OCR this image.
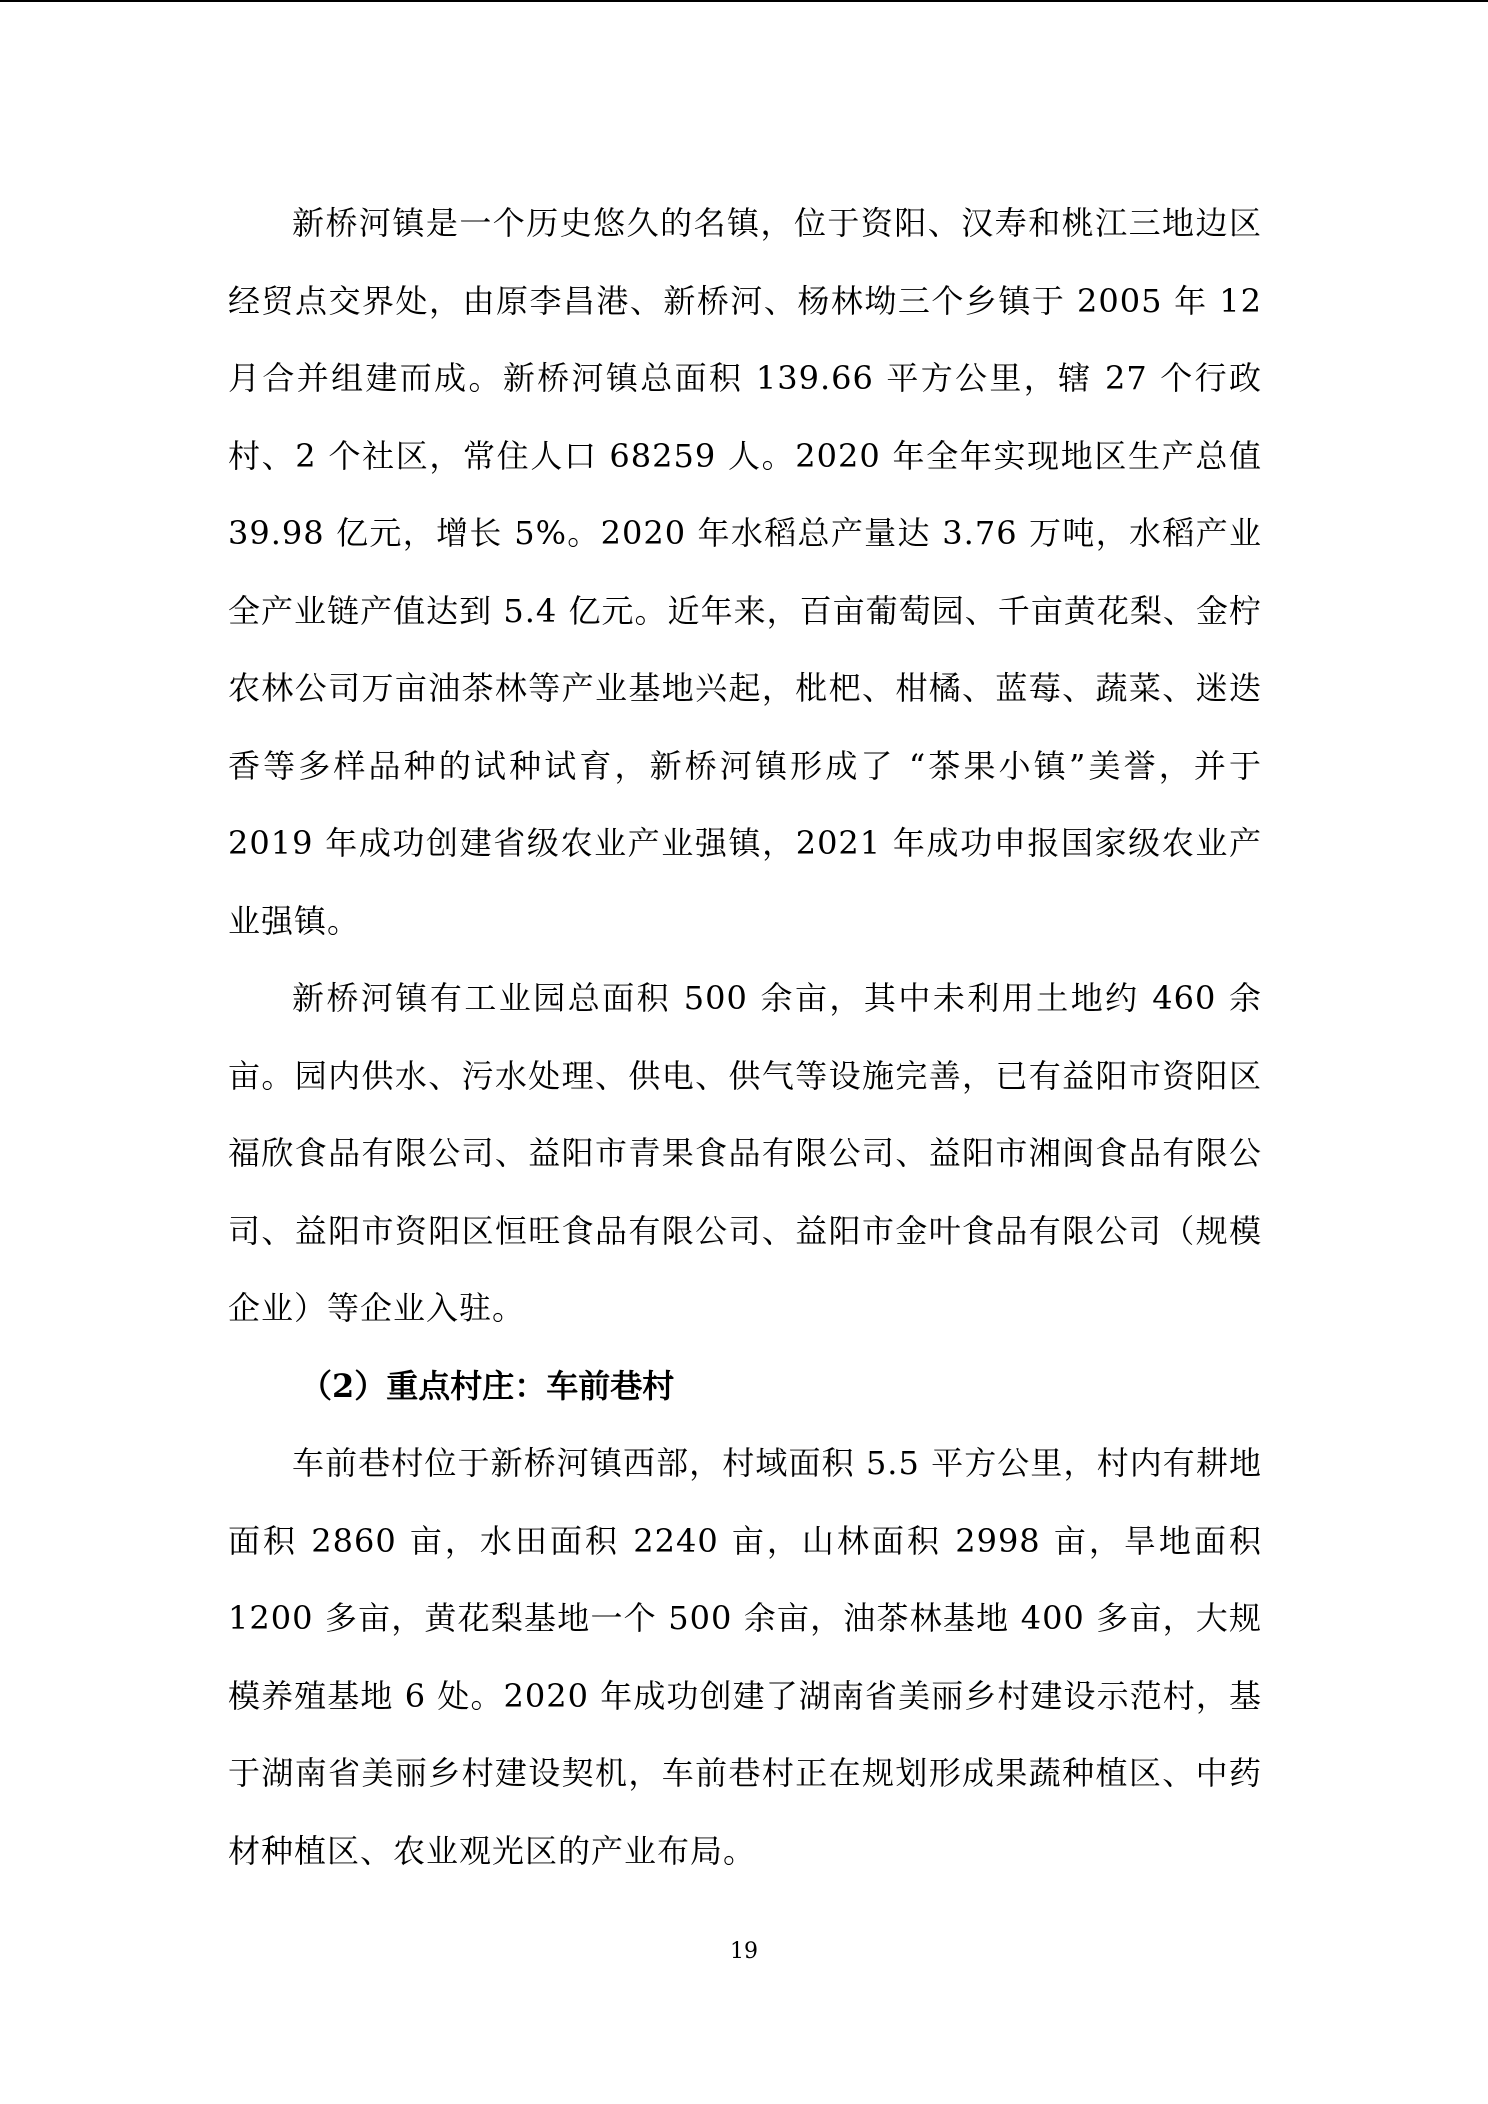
新桥河镇是一个历史悠久的名镇，位于资阳、汉寿和桃江三地边区经贸点交界处，由原李昌港、新桥河、杨林坳三个乡镇于 2005 年 12 月合并组建而成。新桥河镇总面积 139.66 平方公里，辖 27 个行政村、2 个社区，常住人口 68259 人。2020 年全年实现地区生产总值 39.98 亿元，增长 5%。2020 年水稻总产量达 3.76 万吨，水稻产业全产业链产值达到 5.4 亿元。近年来，百亩葡萄园、千亩黄花梨、金柠农林公司万亩油茶林等产业基地兴起，枇杷、柑橘、蓝莓、蔬菜、迷迭香等多样品种的试种试育，新桥河镇形成了 “茶果小镇”美誉，并于 2019 年成功创建省级农业产业强镇，2021 年成功申报国家级农业产业强镇。

新桥河镇有工业园总面积 500 余亩，其中未利用土地约 460 余亩。园内供水、污水处理、供电、供气等设施完善，已有益阳市资阳区福欣食品有限公司、益阳市青果食品有限公司、益阳市湘闽食品有限公司、益阳市资阳区恒旺食品有限公司、益阳市金叶食品有限公司（规模企业）等企业入驻。

（2）重点村庄：车前巷村

车前巷村位于新桥河镇西部，村域面积 5.5 平方公里，村内有耕地面积 2860 亩，水田面积 2240 亩，山林面积 2998 亩，旱地面积 1200 多亩，黄花梨基地一个 500 余亩，油茶林基地 400 多亩，大规模养殖基地 6 处。2020 年成功创建了湖南省美丽乡村建设示范村，基于湖南省美丽乡村建设契机，车前巷村正在规划形成果蔬种植区、中药材种植区、农业观光区的产业布局。

19
